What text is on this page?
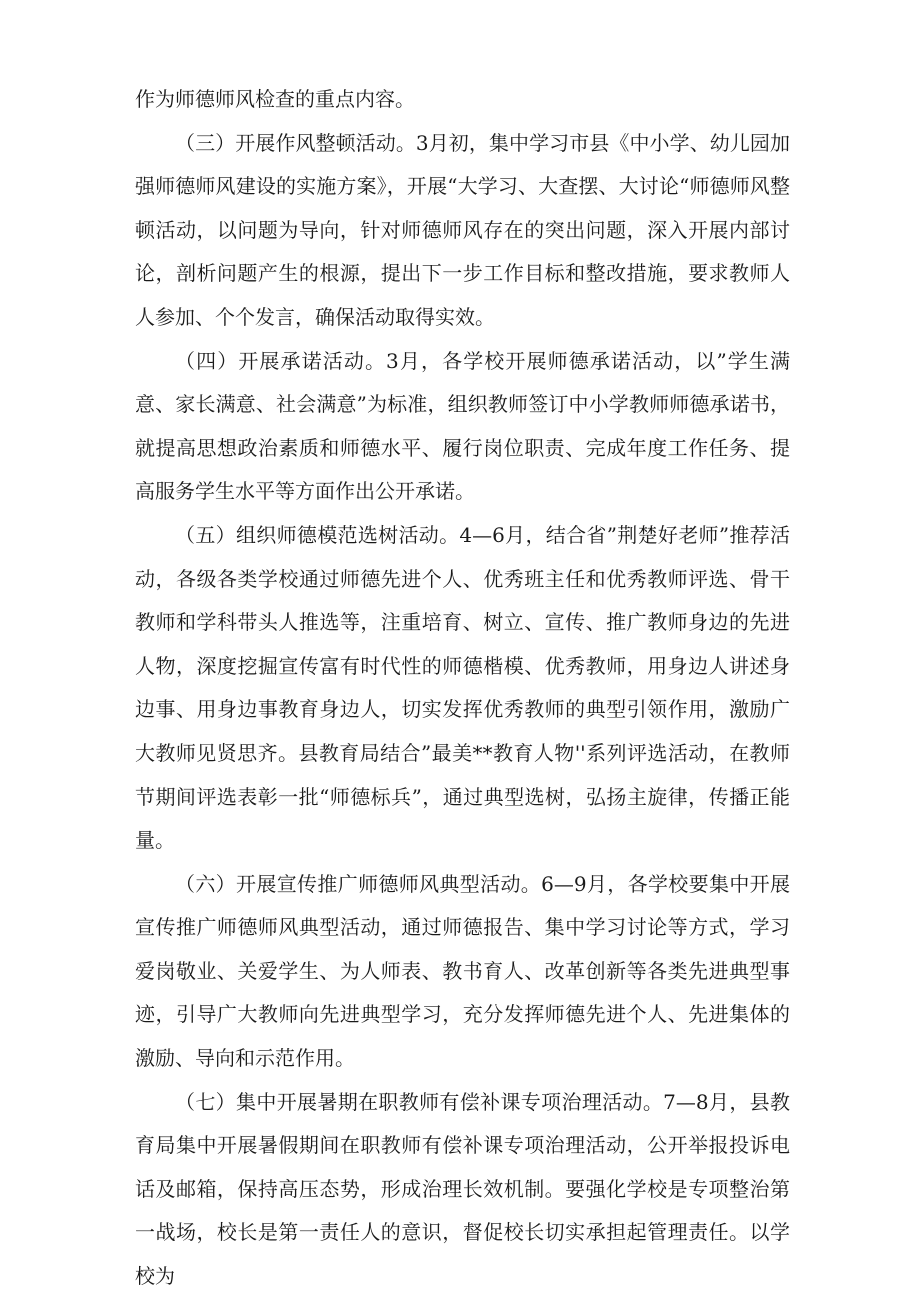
作为师德师风检查的重点内容。

（三）开展作风整顿活动。3月初，集中学习市县《中小学、幼儿园加强师德师风建设的实施方案》，开展“大学习、大查摆、大讨论“师德师风整顿活动，以问题为导向，针对师德师风存在的突出问题，深入开展内部讨论，剖析问题产生的根源，提出下一步工作目标和整改措施，要求教师人人参加、个个发言，确保活动取得实效。

（四）开展承诺活动。3月，各学校开展师德承诺活动，以”学生满意、家长满意、社会满意”为标准，组织教师签订中小学教师师德承诺书，就提高思想政治素质和师德水平、履行岗位职责、完成年度工作任务、提高服务学生水平等方面作出公开承诺。

（五）组织师德模范选树活动。4—6月，结合省”荆楚好老师”推荐活动，各级各类学校通过师德先进个人、优秀班主任和优秀教师评选、骨干教师和学科带头人推选等，注重培育、树立、宣传、推广教师身边的先进人物，深度挖掘宣传富有时代性的师德楷模、优秀教师，用身边人讲述身边事、用身边事教育身边人，切实发挥优秀教师的典型引领作用，激励广大教师见贤思齐。县教育局结合”最美**教育人物''系列评选活动，在教师节期间评选表彰一批“师德标兵”，通过典型选树，弘扬主旋律，传播正能量。

（六）开展宣传推广师德师风典型活动。6—9月，各学校要集中开展宣传推广师德师风典型活动，通过师德报告、集中学习讨论等方式，学习爱岗敬业、关爱学生、为人师表、教书育人、改革创新等各类先进典型事迹，引导广大教师向先进典型学习，充分发挥师德先进个人、先进集体的激励、导向和示范作用。

（七）集中开展暑期在职教师有偿补课专项治理活动。7—8月，县教育局集中开展暑假期间在职教师有偿补课专项治理活动，公开举报投诉电话及邮箱，保持高压态势，形成治理长效机制。要强化学校是专项整治第一战场，校长是第一责任人的意识，督促校长切实承担起管理责任。以学校为
